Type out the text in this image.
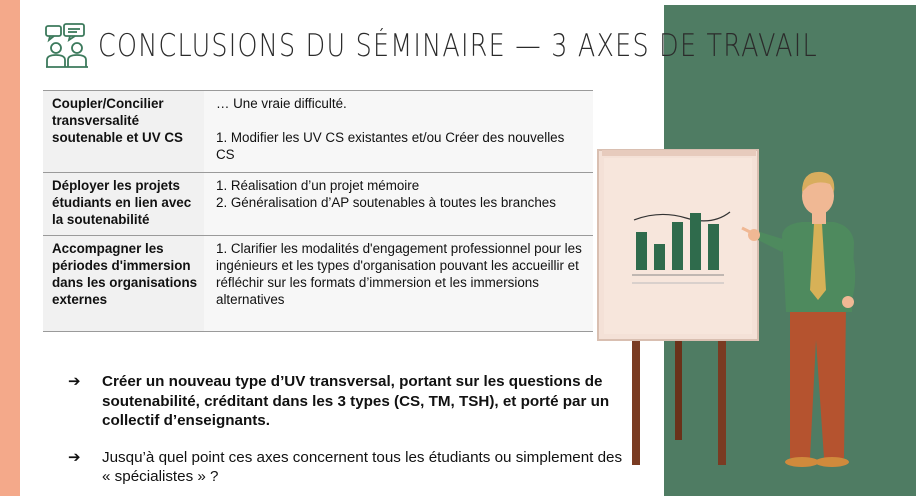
CONCLUSIONS DU SÉMINAIRE — 3 AXES DE TRAVAIL
Coupler/Concilier transversalité soutenable et UV CS	… Une vraie difficulté.
1. Modifier les UV CS existantes et/ou Créer des nouvelles CS

Déployer les projets étudiants en lien avec la soutenabilité	1. Réalisation d’un projet mémoire
2. Généralisation d’AP soutenables à toutes les branches

Accompagner les périodes d'immersion dans les organisations externes	1. Clarifier les modalités d'engagement professionnel pour les ingénieurs et les types d'organisation pouvant les accueillir et réfléchir sur les formats d’immersion et les immersions alternatives
➔	Créer un nouveau type d’UV transversal, portant sur les questions de soutenabilité, créditant dans les 3 types (CS, TM, TSH), et porté par un collectif d’enseignants.
➔	Jusqu’à quel point ces axes concernent tous les étudiants ou simplement des « spécialistes » ?
